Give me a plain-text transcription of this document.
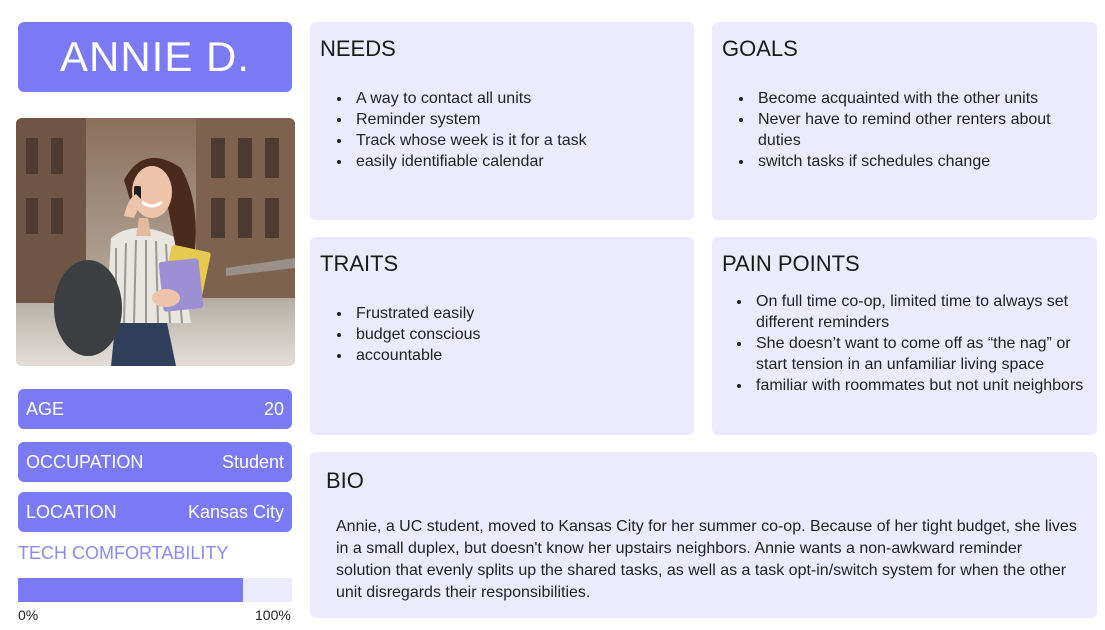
ANNIE D.
AGE	20
OCCUPATION	Student
LOCATION	Kansas City
TECH COMFORTABILITY
0%	100%
NEEDS
• A way to contact all units
• Reminder system
• Track whose week is it for a task
• easily identifiable calendar
GOALS
• Become acquainted with the other units
• Never have to remind other renters about duties
• switch tasks if schedules change
TRAITS
• Frustrated easily
• budget conscious
• accountable
PAIN POINTS
• On full time co-op, limited time to always set different reminders
• She doesn’t want to come off as “the nag” or start tension in an unfamiliar living space
• familiar with roommates but not unit neighbors
BIO

Annie, a UC student, moved to Kansas City for her summer co-op. Because of her tight budget, she lives in a small duplex, but doesn't know her upstairs neighbors. Annie wants a non-awkward reminder solution that evenly splits up the shared tasks, as well as a task opt-in/switch system for when the other unit disregards their responsibilities.
